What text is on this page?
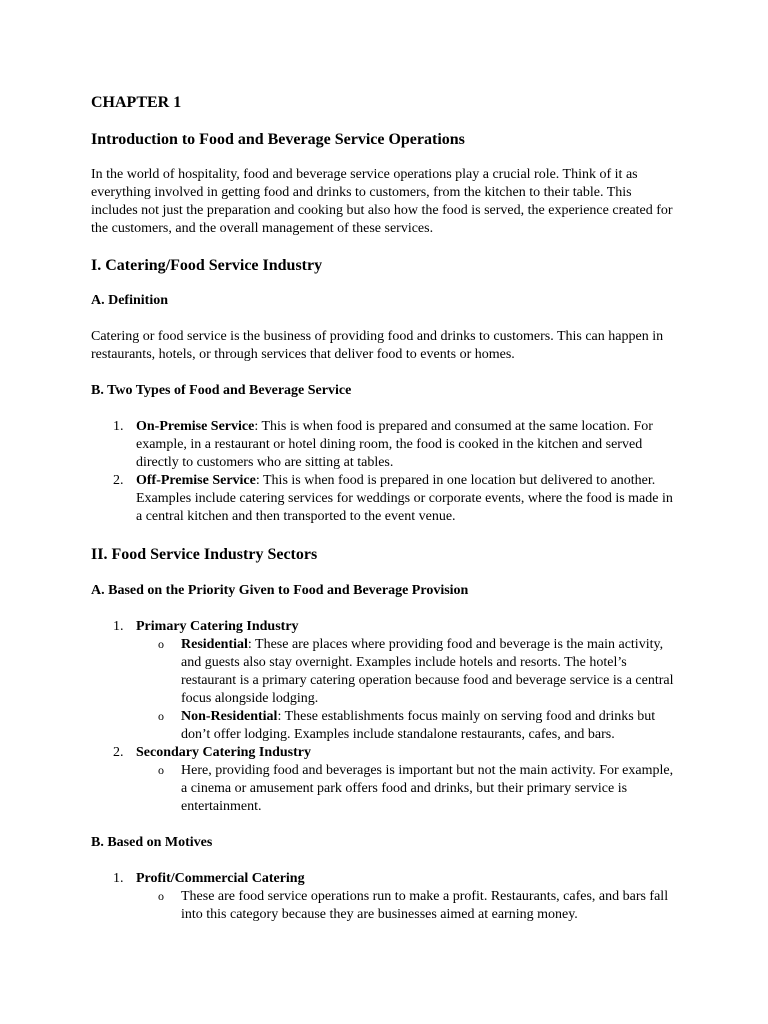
CHAPTER 1
Introduction to Food and Beverage Service Operations

In the world of hospitality, food and beverage service operations play a crucial role. Think of it as everything involved in getting food and drinks to customers, from the kitchen to their table. This includes not just the preparation and cooking but also how the food is served, the experience created for the customers, and the overall management of these services.

I. Catering/Food Service Industry
A. Definition

Catering or food service is the business of providing food and drinks to customers. This can happen in restaurants, hotels, or through services that deliver food to events or homes.

B. Two Types of Food and Beverage Service
1. On-Premise Service: This is when food is prepared and consumed at the same location. For example, in a restaurant or hotel dining room, the food is cooked in the kitchen and served directly to customers who are sitting at tables.
2. Off-Premise Service: This is when food is prepared in one location but delivered to another. Examples include catering services for weddings or corporate events, where the food is made in a central kitchen and then transported to the event venue.
II. Food Service Industry Sectors
A. Based on the Priority Given to Food and Beverage Provision
1. Primary Catering Industry
o Residential: These are places where providing food and beverage is the main activity, and guests also stay overnight. Examples include hotels and resorts. The hotel’s restaurant is a primary catering operation because food and beverage service is a central focus alongside lodging.
o Non-Residential: These establishments focus mainly on serving food and drinks but don’t offer lodging. Examples include standalone restaurants, cafes, and bars.
2. Secondary Catering Industry
o Here, providing food and beverages is important but not the main activity. For example, a cinema or amusement park offers food and drinks, but their primary service is entertainment.
B. Based on Motives
1. Profit/Commercial Catering
o These are food service operations run to make a profit. Restaurants, cafes, and bars fall into this category because they are businesses aimed at earning money.
